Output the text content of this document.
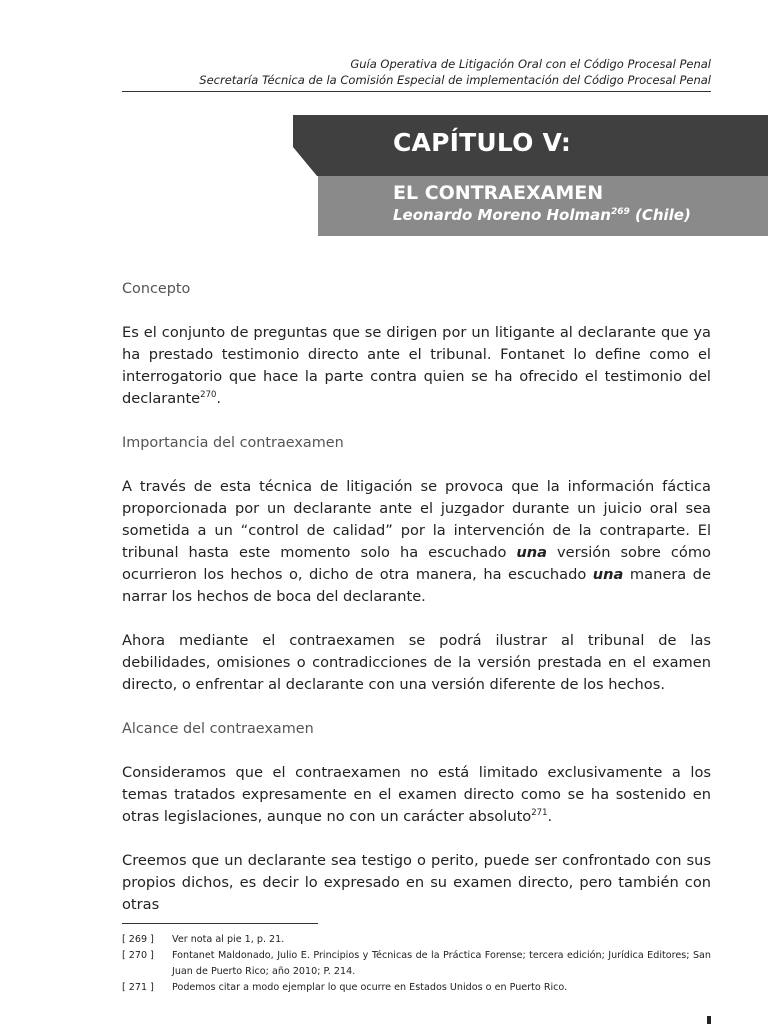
Guía Operativa de Litigación Oral con el Código Procesal Penal
Secretaría Técnica de la Comisión Especial de implementación del Código Procesal Penal
CAPÍTULO V:
EL CONTRAEXAMEN
Leonardo Moreno Holman$^{269}$ (Chile)
Concepto

Es el conjunto de preguntas que se dirigen por un litigante al declarante que ya ha prestado testimonio directo ante el tribunal. Fontanet lo define como el interrogatorio que hace la parte contra quien se ha ofrecido el testimonio del declarante$^{270}$.

Importancia del contraexamen

A través de esta técnica de litigación se provoca que la información fáctica proporcionada por un declarante ante el juzgador durante un juicio oral sea sometida a un “control de calidad” por la intervención de la contraparte. El tribunal hasta este momento solo ha escuchado una versión sobre cómo ocurrieron los hechos o, dicho de otra manera, ha escuchado una manera de narrar los hechos de boca del declarante.

Ahora mediante el contraexamen se podrá ilustrar al tribunal de las debilidades, omisiones o contradicciones de la versión prestada en el examen directo, o enfrentar al declarante con una versión diferente de los hechos.

Alcance del contraexamen

Consideramos que el contraexamen no está limitado exclusivamente a los temas tratados expresamente en el examen directo como se ha sostenido en otras legislaciones, aunque no con un carácter absoluto$^{271}$.

Creemos que un declarante sea testigo o perito, puede ser confrontado con sus propios dichos, es decir lo expresado en su examen directo, pero también con otras

[ 269 ]	Ver nota al pie 1, p. 21.
[ 270 ]	Fontanet Maldonado, Julio E. Principios y Técnicas de la Práctica Forense; tercera edición; Jurídica Editores; San Juan de Puerto Rico; año 2010; P. 214.
[ 271 ]	Podemos citar a modo ejemplar lo que ocurre en Estados Unidos o en Puerto Rico.
